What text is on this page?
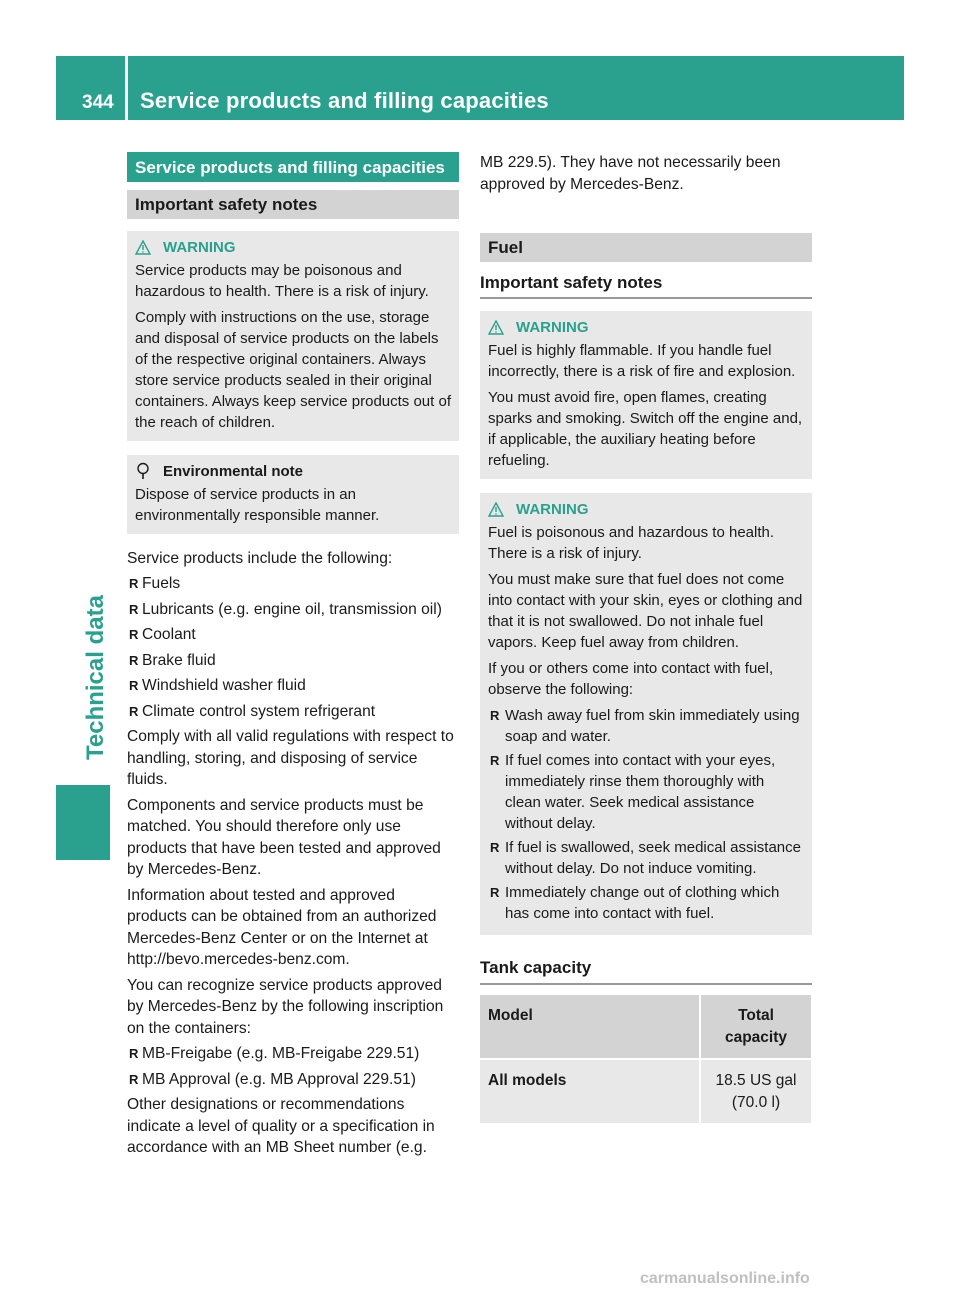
344 Service products and filling capacities
Technical data
Service products and filling capacities
Important safety notes
WARNING

Service products may be poisonous and hazardous to health. There is a risk of injury.

Comply with instructions on the use, storage and disposal of service products on the labels of the respective original containers. Always store service products sealed in their original containers. Always keep service products out of the reach of children.

Environmental note

Dispose of service products in an environmentally responsible manner.

Service products include the following:

R Fuels
R Lubricants (e.g. engine oil, transmission oil)
R Coolant
R Brake fluid
R Windshield washer fluid
R Climate control system refrigerant

Comply with all valid regulations with respect to handling, storing, and disposing of service fluids.

Components and service products must be matched. You should therefore only use products that have been tested and approved by Mercedes-Benz.

Information about tested and approved products can be obtained from an authorized Mercedes-Benz Center or on the Internet at http://bevo.mercedes-benz.com.

You can recognize service products approved by Mercedes-Benz by the following inscription on the containers:

R MB-Freigabe (e.g. MB-Freigabe 229.51)
R MB Approval (e.g. MB Approval 229.51)

Other designations or recommendations indicate a level of quality or a specification in accordance with an MB Sheet number (e.g.

MB 229.5). They have not necessarily been approved by Mercedes-Benz.

Fuel
Important safety notes
WARNING

Fuel is highly flammable. If you handle fuel incorrectly, there is a risk of fire and explosion.

You must avoid fire, open flames, creating sparks and smoking. Switch off the engine and, if applicable, the auxiliary heating before refueling.

WARNING

Fuel is poisonous and hazardous to health. There is a risk of injury.

You must make sure that fuel does not come into contact with your skin, eyes or clothing and that it is not swallowed. Do not inhale fuel vapors. Keep fuel away from children.

If you or others come into contact with fuel, observe the following:

R Wash away fuel from skin immediately using soap and water.
R If fuel comes into contact with your eyes, immediately rinse them thoroughly with clean water. Seek medical assistance without delay.
R If fuel is swallowed, seek medical assistance without delay. Do not induce vomiting.
R Immediately change out of clothing which has come into contact with fuel.
Tank capacity
Model	Total
capacity
All models	18.5 US gal
(70.0 l)
carmanualsonline.info
